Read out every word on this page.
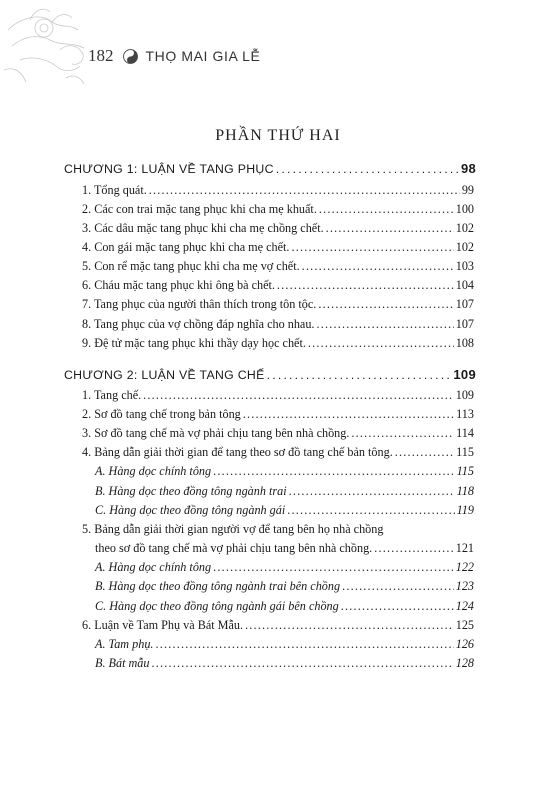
182 THỌ MAI GIA LỄ
PHẦN THỨ HAI
CHƯƠNG 1: LUẬN VỀ TANG PHỤC .....	98
1. Tổng quát. .....	99
2. Các con trai mặc tang phục khi cha mẹ khuất. .....	100
3. Các dâu mặc tang phục khi cha mẹ chồng chết. .....	102
4. Con gái mặc tang phục khi cha mẹ chết. .....	102
5. Con rể mặc tang phục khi cha mẹ vợ chết. .....	103
6. Cháu mặc tang phục khi ông bà chết. .....	104
7. Tang phục của người thân thích trong tôn tộc. .....	107
8. Tang phục của vợ chồng đáp nghĩa cho nhau. .....	107
9. Đệ tử mặc tang phục khi thầy dạy học chết. .....	108
CHƯƠNG 2: LUẬN VỀ TANG CHẾ .....	109
1. Tang chế. .....	109
2. Sơ đồ tang chế trong bản tông .....	113
3. Sơ đồ tang chế mà vợ phải chịu tang bên nhà chồng. .....	114
4. Bảng dẫn giải thời gian để tang theo sơ đồ tang chế bản tông. .....	115
A. Hàng dọc chính tông .....	115
B. Hàng dọc theo đồng tông ngành trai .....	118
C. Hàng dọc theo đồng tông ngành gái .....	119
5. Bảng dẫn giải thời gian người vợ để tang bên họ nhà chồng
theo sơ đồ tang chế mà vợ phải chịu tang bên nhà chồng. .....	121
A. Hàng dọc chính tông .....	122
B. Hàng dọc theo đồng tông ngành trai bên chồng .....	123
C. Hàng dọc theo đồng tông ngành gái bên chồng .....	124
6. Luận về Tam Phụ và Bát Mẫu. .....	125
A. Tam phụ. .....	126
B. Bát mẫu .....	128
